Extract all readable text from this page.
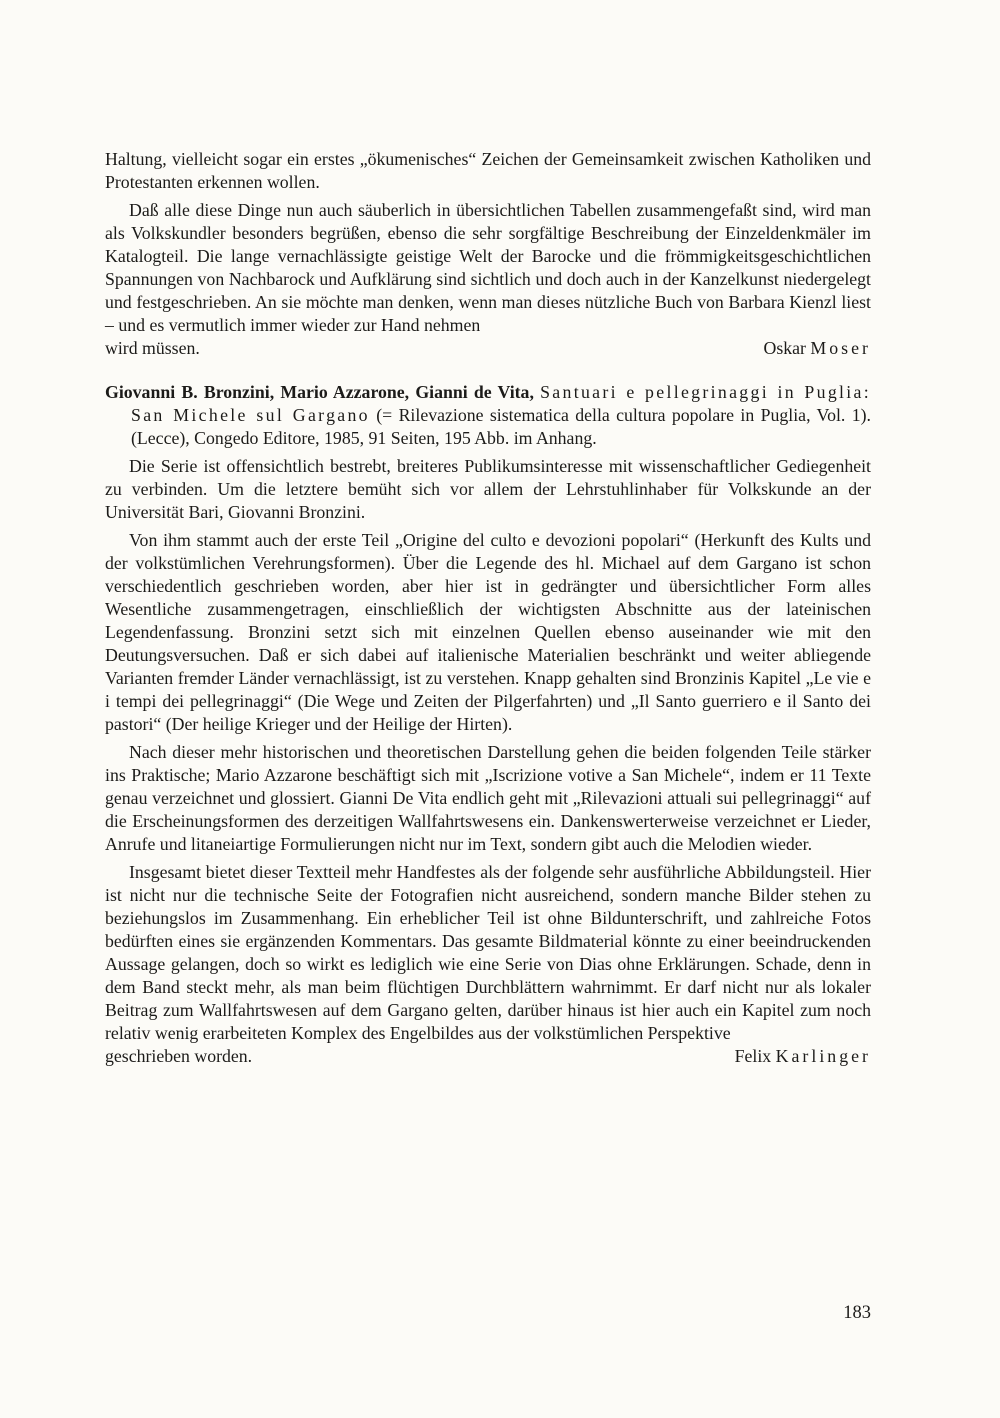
Haltung, vielleicht sogar ein erstes „ökumenisches“ Zeichen der Gemeinsamkeit zwischen Katholiken und Protestanten erkennen wollen.

Daß alle diese Dinge nun auch säuberlich in übersichtlichen Tabellen zusammengefaßt sind, wird man als Volkskundler besonders begrüßen, ebenso die sehr sorgfältige Beschreibung der Einzeldenkmäler im Katalogteil. Die lange vernachlässigte geistige Welt der Barocke und die frömmigkeitsgeschichtlichen Spannungen von Nachbarock und Aufklärung sind sichtlich und doch auch in der Kanzelkunst niedergelegt und festgeschrieben. An sie möchte man denken, wenn man dieses nützliche Buch von Barbara Kienzl liest – und es vermutlich immer wieder zur Hand nehmen

wird müssen.	Oskar Moser

Giovanni B. Bronzini, Mario Azzarone, Gianni de Vita, Santuari e pellegrinaggi in Puglia: San Michele sul Gargano (= Rilevazione sistematica della cultura popolare in Puglia, Vol. 1). (Lecce), Congedo Editore, 1985, 91 Seiten, 195 Abb. im Anhang.

Die Serie ist offensichtlich bestrebt, breiteres Publikumsinteresse mit wissenschaftlicher Gediegenheit zu verbinden. Um die letztere bemüht sich vor allem der Lehrstuhlinhaber für Volkskunde an der Universität Bari, Giovanni Bronzini.

Von ihm stammt auch der erste Teil „Origine del culto e devozioni popolari“ (Herkunft des Kults und der volkstümlichen Verehrungsformen). Über die Legende des hl. Michael auf dem Gargano ist schon verschiedentlich geschrieben worden, aber hier ist in gedrängter und übersichtlicher Form alles Wesentliche zusammengetragen, einschließlich der wichtigsten Abschnitte aus der lateinischen Legendenfassung. Bronzini setzt sich mit einzelnen Quellen ebenso auseinander wie mit den Deutungsversuchen. Daß er sich dabei auf italienische Materialien beschränkt und weiter abliegende Varianten fremder Länder vernachlässigt, ist zu verstehen. Knapp gehalten sind Bronzinis Kapitel „Le vie e i tempi dei pellegrinaggi“ (Die Wege und Zeiten der Pilgerfahrten) und „Il Santo guerriero e il Santo dei pastori“ (Der heilige Krieger und der Heilige der Hirten).

Nach dieser mehr historischen und theoretischen Darstellung gehen die beiden folgenden Teile stärker ins Praktische; Mario Azzarone beschäftigt sich mit „Iscrizione votive a San Michele“, indem er 11 Texte genau verzeichnet und glossiert. Gianni De Vita endlich geht mit „Rilevazioni attuali sui pellegrinaggi“ auf die Erscheinungsformen des derzeitigen Wallfahrtswesens ein. Dankenswerterweise verzeichnet er Lieder, Anrufe und litaneiartige Formulierungen nicht nur im Text, sondern gibt auch die Melodien wieder.

Insgesamt bietet dieser Textteil mehr Handfestes als der folgende sehr ausführliche Abbildungsteil. Hier ist nicht nur die technische Seite der Fotografien nicht ausreichend, sondern manche Bilder stehen zu beziehungslos im Zusammenhang. Ein erheblicher Teil ist ohne Bildunterschrift, und zahlreiche Fotos bedürften eines sie ergänzenden Kommentars. Das gesamte Bildmaterial könnte zu einer beeindruckenden Aussage gelangen, doch so wirkt es lediglich wie eine Serie von Dias ohne Erklärungen. Schade, denn in dem Band steckt mehr, als man beim flüchtigen Durchblättern wahrnimmt. Er darf nicht nur als lokaler Beitrag zum Wallfahrtswesen auf dem Gargano gelten, darüber hinaus ist hier auch ein Kapitel zum noch relativ wenig erarbeiteten Komplex des Engelbildes aus der volkstümlichen Perspektive

geschrieben worden.	Felix Karlinger
183
